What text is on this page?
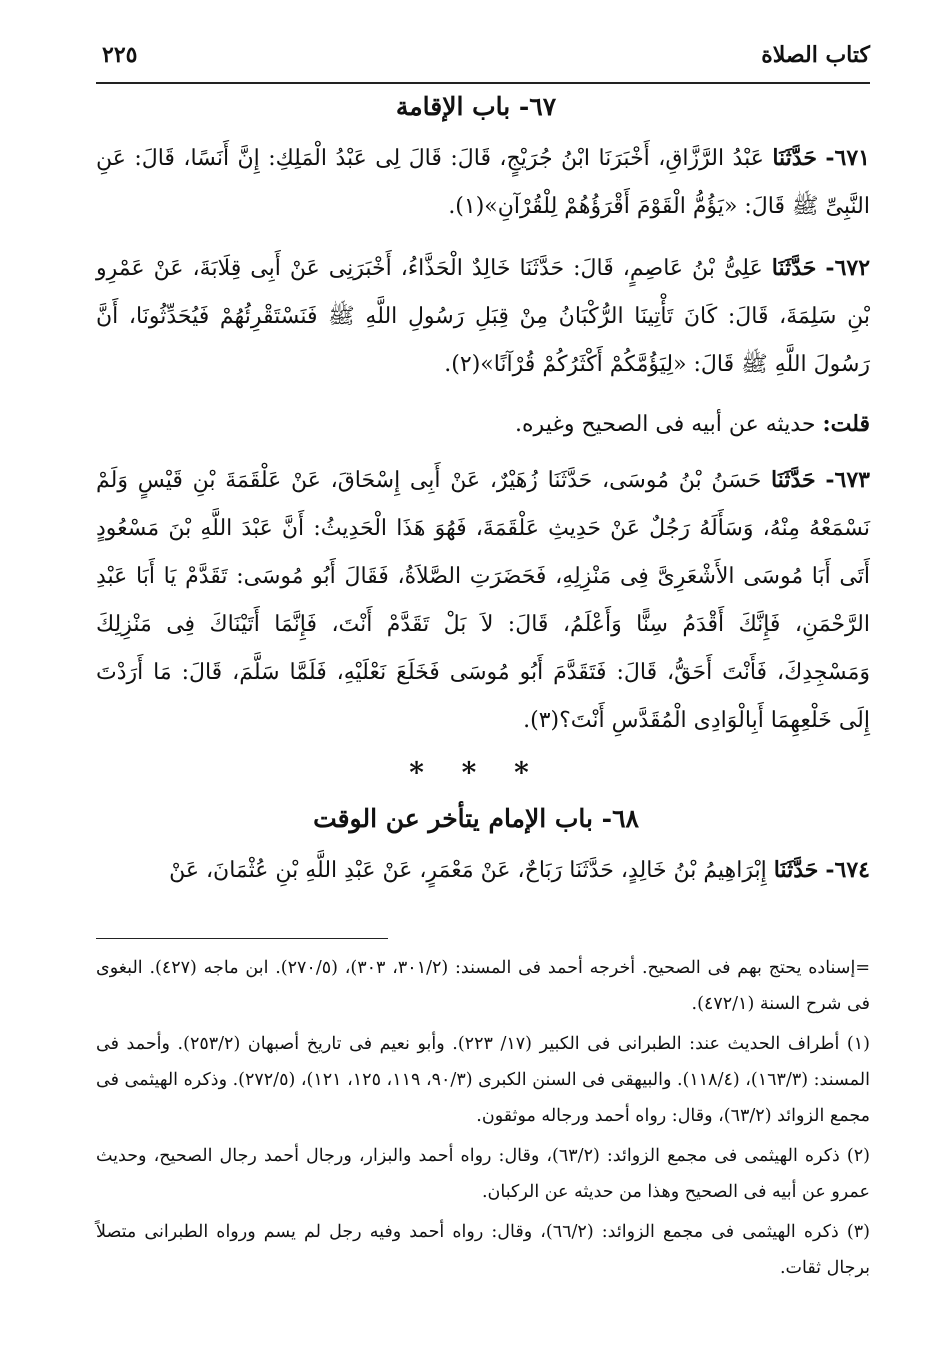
كتاب الصلاة
٢٢٥
٦٧- باب الإقامة
٦٧١- حَدَّثَنَا عَبْدُ الرَّزَّاقِ، أَخْبَرَنَا ابْنُ جُرَيْجٍ، قَالَ: قَالَ لِى عَبْدُ الْمَلِكِ: إِنَّ أَنَسًا، قَالَ: عَنِ النَّبِىِّ ﷺ قَالَ: «يَؤُمُّ الْقَوْمَ أَقْرَؤُهُمْ لِلْقُرْآنِ»(١).
٦٧٢- حَدَّثَنَا عَلِىُّ بْنُ عَاصِمٍ، قَالَ: حَدَّثَنَا خَالِدٌ الْحَذَّاءُ، أَخْبَرَنِى عَنْ أَبِى قِلَابَةَ، عَنْ عَمْرِو بْنِ سَلِمَةَ، قَالَ: كَانَ تَأْتِينَا الرُّكْبَانُ مِنْ قِبَلِ رَسُولِ اللَّهِ ﷺ فَنَسْتَقْرِئُهُمْ فَيُحَدِّثُونَا، أَنَّ رَسُولَ اللَّهِ ﷺ قَالَ: «لِيَؤُمَّكُمْ أَكْثَرُكُمْ قُرْآنًا»(٢).
قلت: حديثه عن أبيه فى الصحيح وغيره.
٦٧٣- حَدَّثَنَا حَسَنُ بْنُ مُوسَى، حَدَّثَنَا زُهَيْرٌ، عَنْ أَبِى إِسْحَاقَ، عَنْ عَلْقَمَةَ بْنِ قَيْسٍ وَلَمْ نَسْمَعْهُ مِنْهُ، وَسَأَلَهُ رَجُلٌ عَنْ حَدِيثِ عَلْقَمَةَ، فَهُوَ هَذَا الْحَدِيثُ: أَنَّ عَبْدَ اللَّهِ بْنَ مَسْعُودٍ أَتَى أَبَا مُوسَى الأَشْعَرِىَّ فِى مَنْزِلِهِ، فَحَضَرَتِ الصَّلاَةُ، فَقَالَ أَبُو مُوسَى: تَقَدَّمْ يَا أَبَا عَبْدِ الرَّحْمَنِ، فَإِنَّكَ أَقْدَمُ سِنًّا وَأَعْلَمُ، قَالَ: لاَ بَلْ تَقَدَّمْ أَنْتَ، فَإِنَّمَا أَتَيْنَاكَ فِى مَنْزِلِكَ وَمَسْجِدِكَ، فَأَنْتَ أَحَقُّ، قَالَ: فَتَقَدَّمَ أَبُو مُوسَى فَخَلَعَ نَعْلَيْهِ، فَلَمَّا سَلَّمَ، قَالَ: مَا أَرَدْتَ إِلَى خَلْعِهِمَا أَبِالْوَادِى الْمُقَدَّسِ أَنْتَ؟(٣).
* * *
٦٨- باب الإمام يتأخر عن الوقت
٦٧٤- حَدَّثَنَا إِبْرَاهِيمُ بْنُ خَالِدٍ، حَدَّثَنَا رَبَاحٌ، عَنْ مَعْمَرٍ، عَنْ عَبْدِ اللَّهِ بْنِ عُثْمَانَ، عَنْ
=إسناده يحتج بهم فى الصحيح. أخرجه أحمد فى المسند: (٣٠١/٢، ٣٠٣)، (٢٧٠/٥). ابن ماجه (٤٢٧). البغوى فى شرح السنة (٤٧٢/١).
(١) أطراف الحديث عند: الطبرانى فى الكبير (١٧/ ٢٢٣). وأبو نعيم فى تاريخ أصبهان (٢٥٣/٢). وأحمد فى المسند: (١٦٣/٣)، (١١٨/٤). والبيهقى فى السنن الكبرى (٩٠/٣، ١١٩، ١٢٥، ١٢١)، (٢٧٢/٥). وذكره الهيثمى فى مجمع الزوائد (٦٣/٢)، وقال: رواه أحمد ورجاله موثقون.
(٢) ذكره الهيثمى فى مجمع الزوائد: (٦٣/٢)، وقال: رواه أحمد والبزار، ورجال أحمد رجال الصحيح، وحديث عمرو عن أبيه فى الصحيح وهذا من حديثه عن الركبان.
(٣) ذكره الهيثمى فى مجمع الزوائد: (٦٦/٢)، وقال: رواه أحمد وفيه رجل لم يسم ورواه الطبرانى متصلاً برجال ثقات.
